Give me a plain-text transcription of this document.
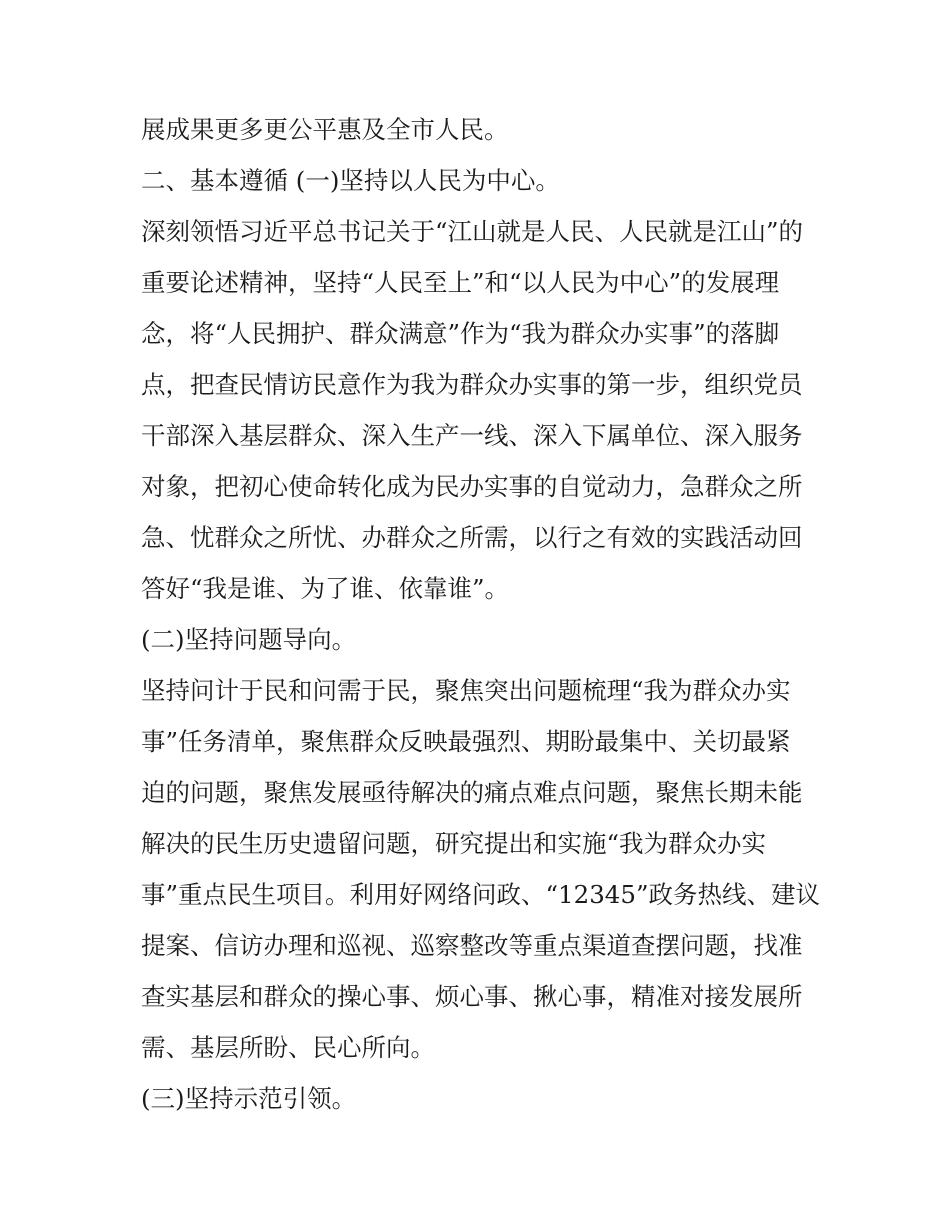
展成果更多更公平惠及全市人民。
二、基本遵循 (一)坚持以人民为中心。
深刻领悟习近平总书记关于“江山就是人民、人民就是江山”的
重要论述精神，坚持“人民至上”和“以人民为中心”的发展理
念，将“人民拥护、群众满意”作为“我为群众办实事”的落脚
点，把查民情访民意作为我为群众办实事的第一步，组织党员
干部深入基层群众、深入生产一线、深入下属单位、深入服务
对象，把初心使命转化成为民办实事的自觉动力，急群众之所
急、忧群众之所忧、办群众之所需，以行之有效的实践活动回
答好“我是谁、为了谁、依靠谁”。
(二)坚持问题导向。
坚持问计于民和问需于民，聚焦突出问题梳理“我为群众办实
事”任务清单，聚焦群众反映最强烈、期盼最集中、关切最紧
迫的问题，聚焦发展亟待解决的痛点难点问题，聚焦长期未能
解决的民生历史遗留问题，研究提出和实施“我为群众办实
事”重点民生项目。利用好网络问政、“12345”政务热线、建议
提案、信访办理和巡视、巡察整改等重点渠道查摆问题，找准
查实基层和群众的操心事、烦心事、揪心事，精准对接发展所
需、基层所盼、民心所向。
(三)坚持示范引领。
